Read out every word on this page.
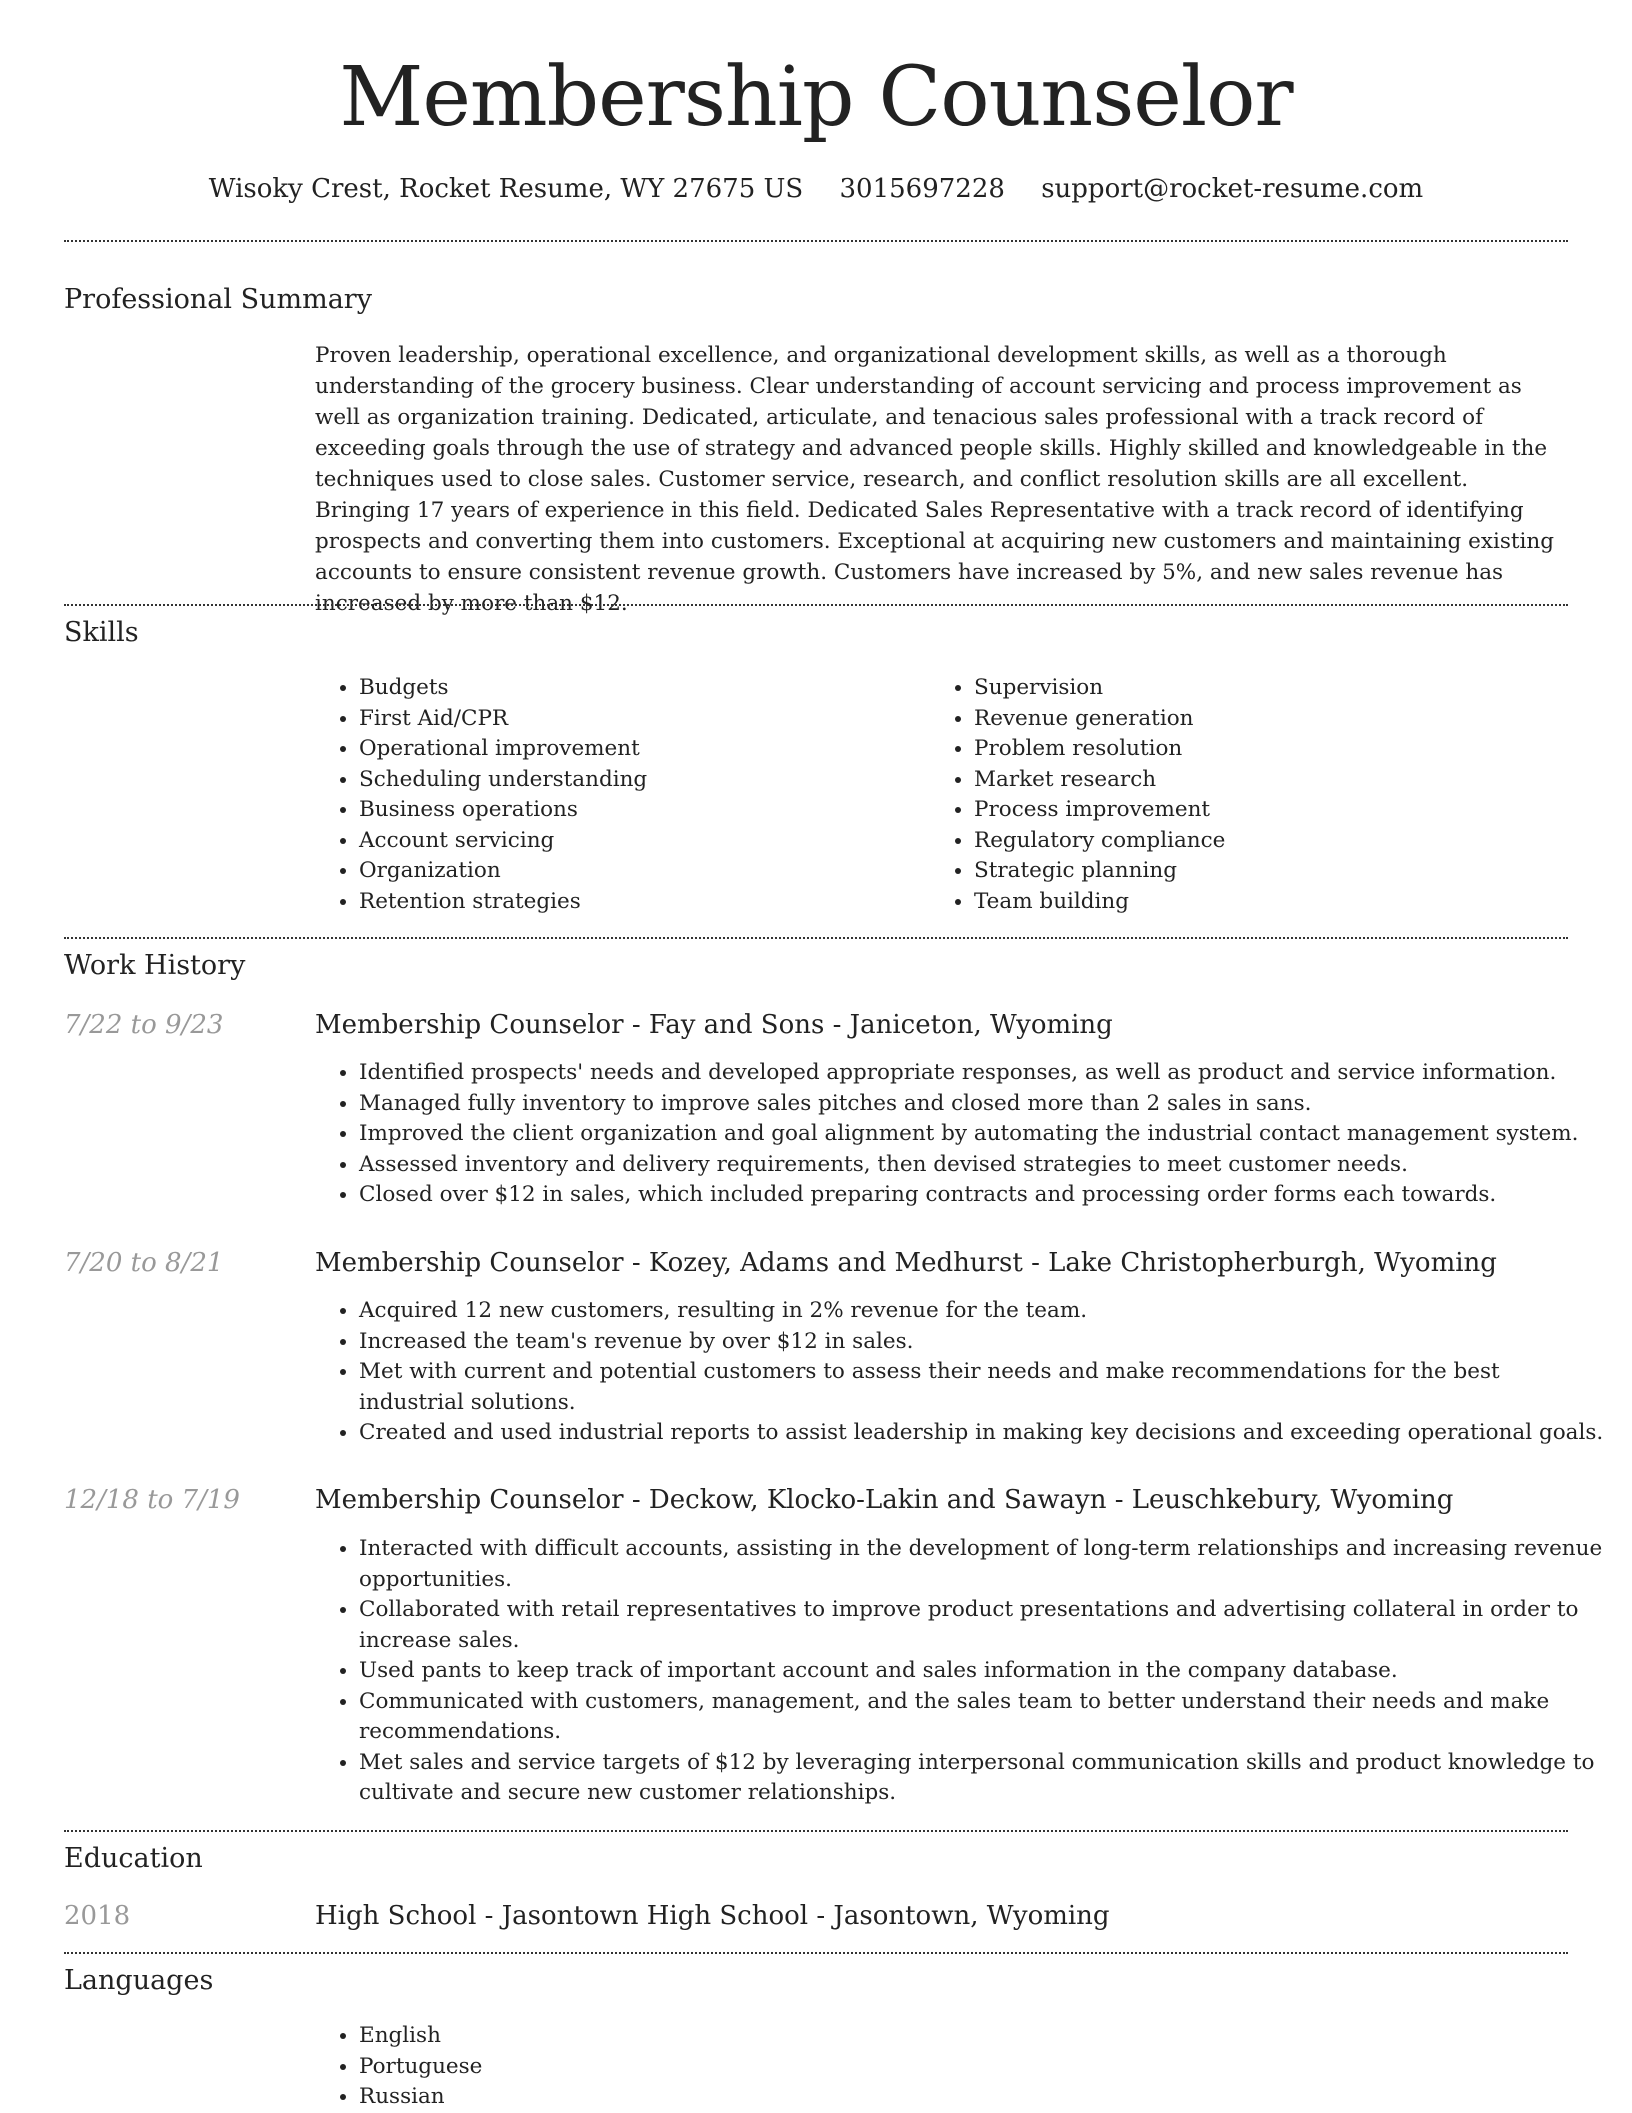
Membership Counselor
Wisoky Crest, Rocket Resume, WY 27675 US 3015697228 support@rocket-resume.com
Professional Summary

Proven leadership, operational excellence, and organizational development skills, as well as a thorough understanding of the grocery business. Clear understanding of account servicing and process improvement as well as organization training. Dedicated, articulate, and tenacious sales professional with a track record of exceeding goals through the use of strategy and advanced people skills. Highly skilled and knowledgeable in the techniques used to close sales. Customer service, research, and conflict resolution skills are all excellent. Bringing 17 years of experience in this field. Dedicated Sales Representative with a track record of identifying prospects and converting them into customers. Exceptional at acquiring new customers and maintaining existing accounts to ensure consistent revenue growth. Customers have increased by 5%, and new sales revenue has increased by more than $12.

Skills
• Budgets
• First Aid/CPR
• Operational improvement
• Scheduling understanding
• Business operations
• Account servicing
• Organization
• Retention strategies
• Supervision
• Revenue generation
• Problem resolution
• Market research
• Process improvement
• Regulatory compliance
• Strategic planning
• Team building
Work History
7/22 to 9/23	Membership Counselor - Fay and Sons - Janiceton, Wyoming
• Identified prospects' needs and developed appropriate responses, as well as product and service information.
• Managed fully inventory to improve sales pitches and closed more than 2 sales in sans.
• Improved the client organization and goal alignment by automating the industrial contact management system.
• Assessed inventory and delivery requirements, then devised strategies to meet customer needs.
• Closed over $12 in sales, which included preparing contracts and processing order forms each towards.
7/20 to 8/21	Membership Counselor - Kozey, Adams and Medhurst - Lake Christopherburgh, Wyoming
• Acquired 12 new customers, resulting in 2% revenue for the team.
• Increased the team's revenue by over $12 in sales.
• Met with current and potential customers to assess their needs and make recommendations for the best industrial solutions.
• Created and used industrial reports to assist leadership in making key decisions and exceeding operational goals.
12/18 to 7/19	Membership Counselor - Deckow, Klocko-Lakin and Sawayn - Leuschkebury, Wyoming
• Interacted with difficult accounts, assisting in the development of long-term relationships and increasing revenue opportunities.
• Collaborated with retail representatives to improve product presentations and advertising collateral in order to increase sales.
• Used pants to keep track of important account and sales information in the company database.
• Communicated with customers, management, and the sales team to better understand their needs and make recommendations.
• Met sales and service targets of $12 by leveraging interpersonal communication skills and product knowledge to cultivate and secure new customer relationships.
Education
2018	High School - Jasontown High School - Jasontown, Wyoming
Languages
• English
• Portuguese
• Russian
